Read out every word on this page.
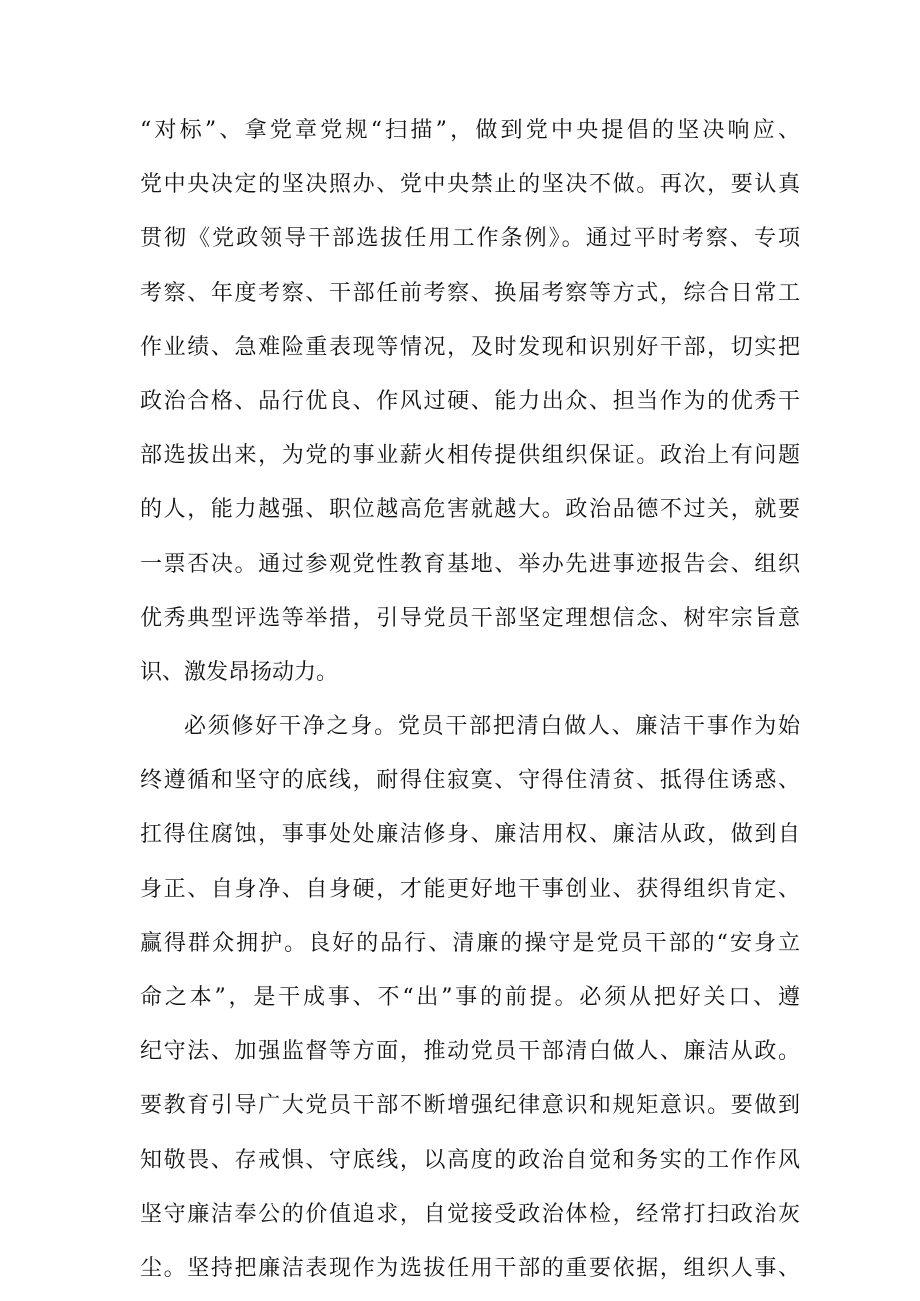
“对标”、拿党章党规“扫描”，做到党中央提倡的坚决响应、
党中央决定的坚决照办、党中央禁止的坚决不做。再次，要认真
贯彻《党政领导干部选拔任用工作条例》。通过平时考察、专项
考察、年度考察、干部任前考察、换届考察等方式，综合日常工
作业绩、急难险重表现等情况，及时发现和识别好干部，切实把
政治合格、品行优良、作风过硬、能力出众、担当作为的优秀干
部选拔出来，为党的事业薪火相传提供组织保证。政治上有问题
的人，能力越强、职位越高危害就越大。政治品德不过关，就要
一票否决。通过参观党性教育基地、举办先进事迹报告会、组织
优秀典型评选等举措，引导党员干部坚定理想信念、树牢宗旨意
识、激发昂扬动力。
必须修好干净之身。党员干部把清白做人、廉洁干事作为始
终遵循和坚守的底线，耐得住寂寞、守得住清贫、抵得住诱惑、
扛得住腐蚀，事事处处廉洁修身、廉洁用权、廉洁从政，做到自
身正、自身净、自身硬，才能更好地干事创业、获得组织肯定、
赢得群众拥护。良好的品行、清廉的操守是党员干部的“安身立
命之本”，是干成事、不“出”事的前提。必须从把好关口、遵
纪守法、加强监督等方面，推动党员干部清白做人、廉洁从政。
要教育引导广大党员干部不断增强纪律意识和规矩意识。要做到
知敬畏、存戒惧、守底线，以高度的政治自觉和务实的工作作风
坚守廉洁奉公的价值追求，自觉接受政治体检，经常打扫政治灰
尘。坚持把廉洁表现作为选拔任用干部的重要依据，组织人事、
